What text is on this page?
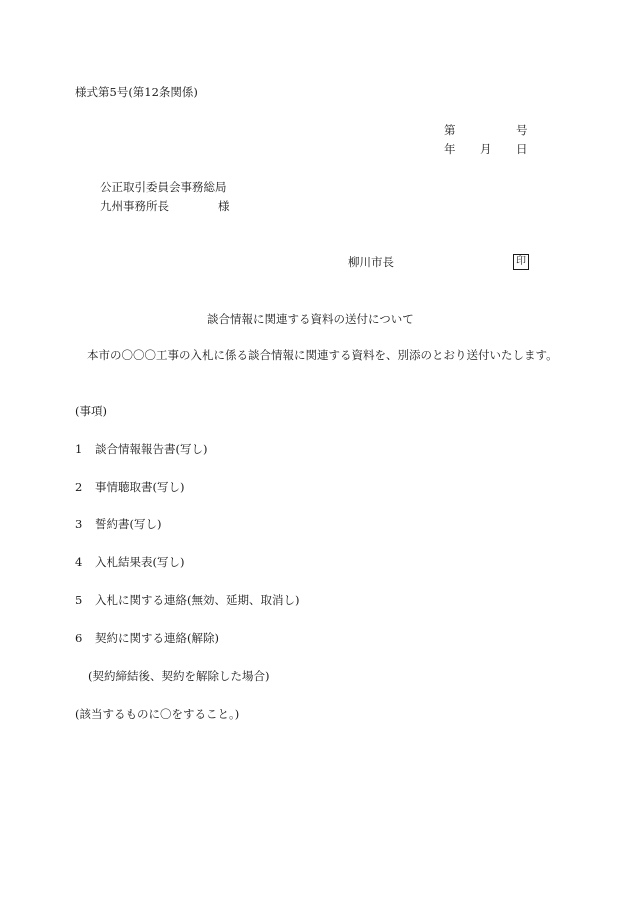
様式第5号(第12条関係)
第	号
年 月 日
公正取引委員会事務総局
九州事務所長	様
柳川市長	印
談合情報に関連する資料の送付について
本市の〇〇〇工事の入札に係る談合情報に関連する資料を、別添のとおり送付いたします。
(事項)
1 談合情報報告書(写し)
2 事情聴取書(写し)
3 誓約書(写し)
4 入札結果表(写し)
5 入札に関する連絡(無効、延期、取消し)
6 契約に関する連絡(解除)
(契約締結後、契約を解除した場合)
(該当するものに〇をすること。)
